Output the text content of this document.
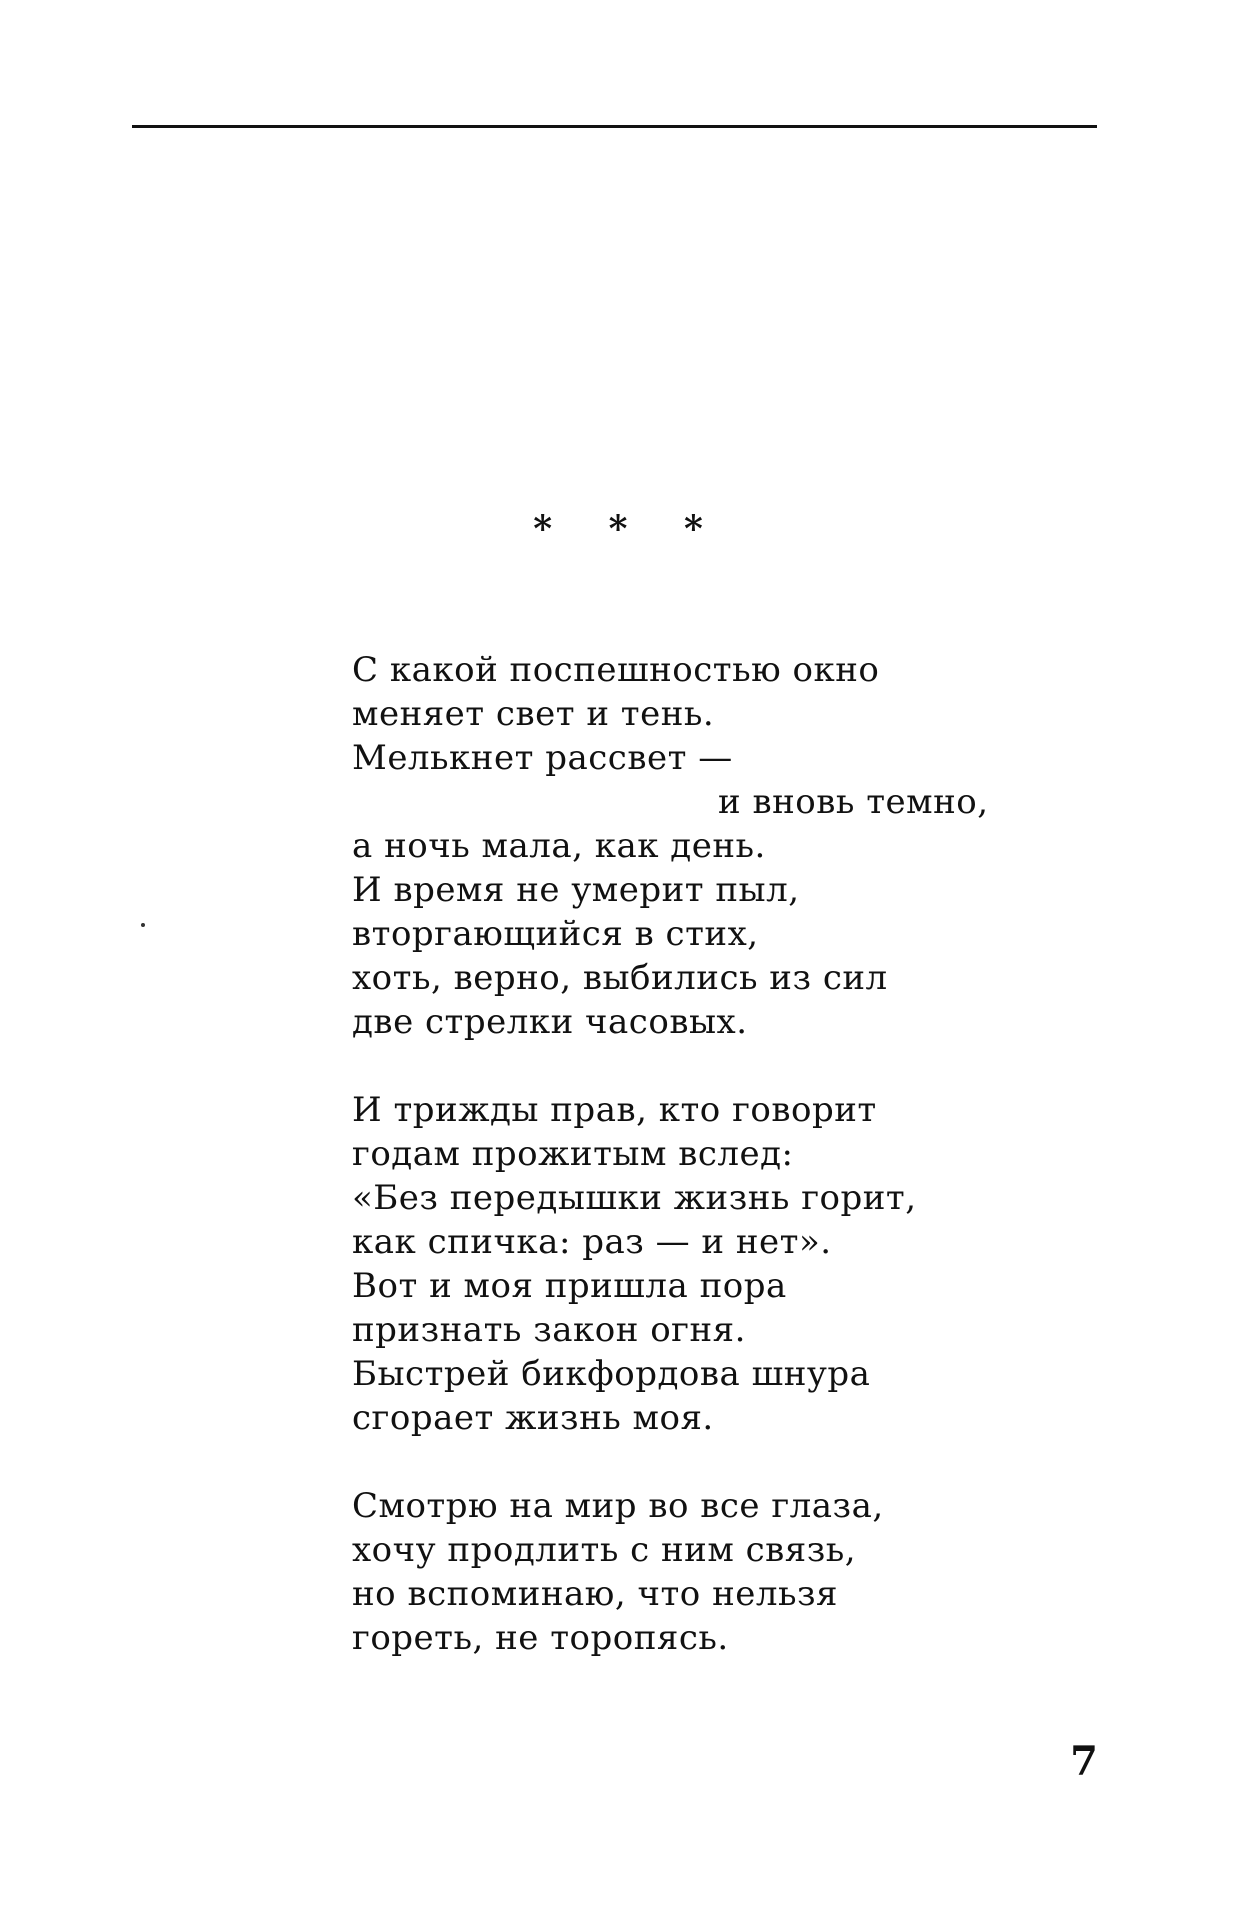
* * *
С какой поспешностью окно
меняет свет и тень.
Мелькнет рассвет —
и вновь темно,
а ночь мала, как день.
И время не умерит пыл,
вторгающийся в стих,
хоть, верно, выбились из сил
две стрелки часовых.
И трижды прав, кто говорит
годам прожитым вслед:
«Без передышки жизнь горит,
как спичка: раз — и нет».
Вот и моя пришла пора
признать закон огня.
Быстрей бикфордова шнура
сгорает жизнь моя.
Смотрю на мир во все глаза,
хочу продлить с ним связь,
но вспоминаю, что нельзя
гореть, не торопясь.
7
